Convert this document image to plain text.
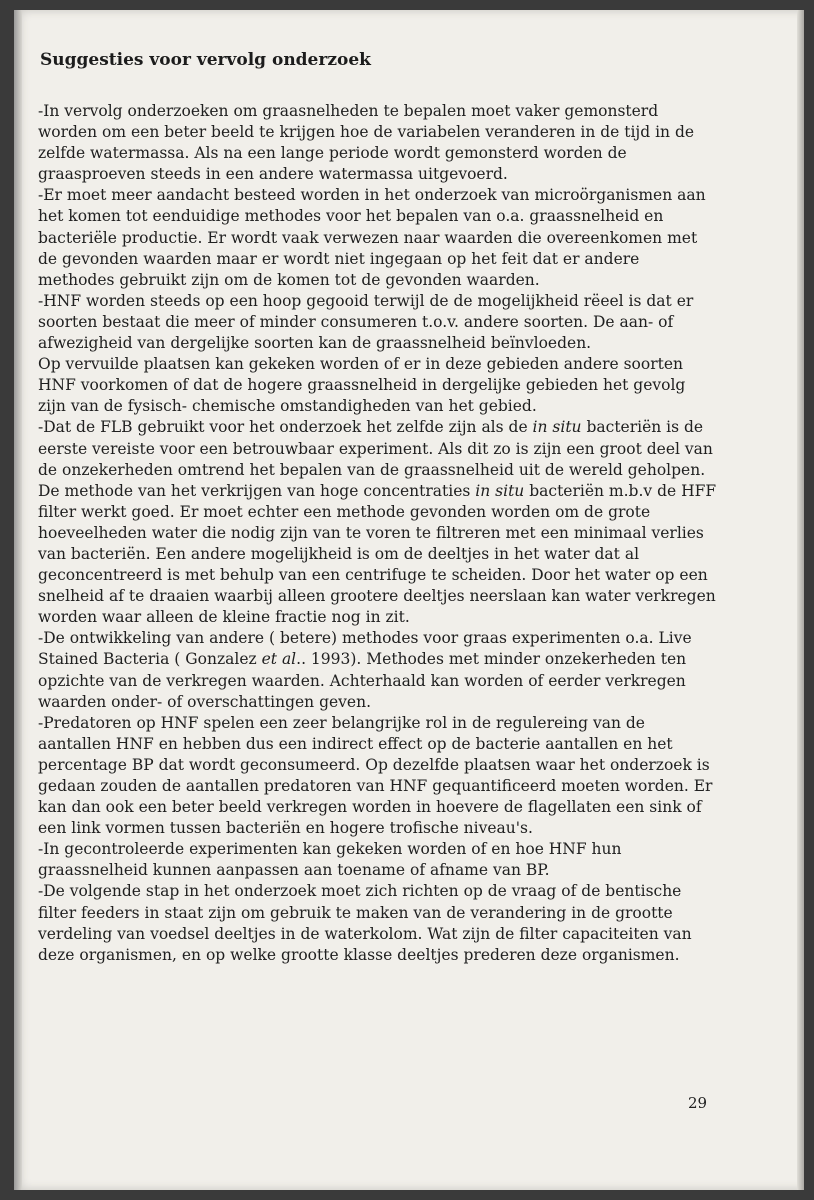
Suggesties voor vervolg onderzoek

-In vervolg onderzoeken om graasnelheden te bepalen moet vaker gemonsterd worden om een beter beeld te krijgen hoe de variabelen veranderen in de tijd in de zelfde watermassa. Als na een lange periode wordt gemonsterd worden de graasproeven steeds in een andere watermassa uitgevoerd.

-Er moet meer aandacht besteed worden in het onderzoek van microörganismen aan het komen tot eenduidige methodes voor het bepalen van o.a. graassnelheid en bacteriële productie. Er wordt vaak verwezen naar waarden die overeenkomen met de gevonden waarden maar er wordt niet ingegaan op het feit dat er andere methodes gebruikt zijn om de komen tot de gevonden waarden.

-HNF worden steeds op een hoop gegooid terwijl de de mogelijkheid rëeel is dat er soorten bestaat die meer of minder consumeren t.o.v. andere soorten. De aan- of afwezigheid van dergelijke soorten kan de graassnelheid beïnvloeden.

Op vervuilde plaatsen kan gekeken worden of er in deze gebieden andere soorten HNF voorkomen of dat de hogere graassnelheid in dergelijke gebieden het gevolg zijn van de fysisch- chemische omstandigheden van het gebied.

-Dat de FLB gebruikt voor het onderzoek het zelfde zijn als de in situ bacteriën is de eerste vereiste voor een betrouwbaar experiment. Als dit zo is zijn een groot deel van de onzekerheden omtrend het bepalen van de graassnelheid uit de wereld geholpen. De methode van het verkrijgen van hoge concentraties in situ bacteriën m.b.v de HFF filter werkt goed. Er moet echter een methode gevonden worden om de grote hoeveelheden water die nodig zijn van te voren te filtreren met een minimaal verlies van bacteriën. Een andere mogelijkheid is om de deeltjes in het water dat al geconcentreerd is met behulp van een centrifuge te scheiden. Door het water op een snelheid af te draaien waarbij alleen grootere deeltjes neerslaan kan water verkregen worden waar alleen de kleine fractie nog in zit.

-De ontwikkeling van andere ( betere) methodes voor graas experimenten o.a. Live Stained Bacteria ( Gonzalez et al.. 1993). Methodes met minder onzekerheden ten opzichte van de verkregen waarden. Achterhaald kan worden of eerder verkregen waarden onder- of overschattingen geven.

-Predatoren op HNF spelen een zeer belangrijke rol in de regulereing van de aantallen HNF en hebben dus een indirect effect op de bacterie aantallen en het percentage BP dat wordt geconsumeerd. Op dezelfde plaatsen waar het onderzoek is gedaan zouden de aantallen predatoren van HNF gequantificeerd moeten worden. Er kan dan ook een beter beeld verkregen worden in hoevere de flagellaten een sink of een link vormen tussen bacteriën en hogere trofische niveau's.

-In gecontroleerde experimenten kan gekeken worden of en hoe HNF hun graassnelheid kunnen aanpassen aan toename of afname van BP.

-De volgende stap in het onderzoek moet zich richten op de vraag of de bentische filter feeders in staat zijn om gebruik te maken van de verandering in de grootte verdeling van voedsel deeltjes in de waterkolom. Wat zijn de filter capaciteiten van deze organismen, en op welke grootte klasse deeltjes prederen deze organismen.

29
